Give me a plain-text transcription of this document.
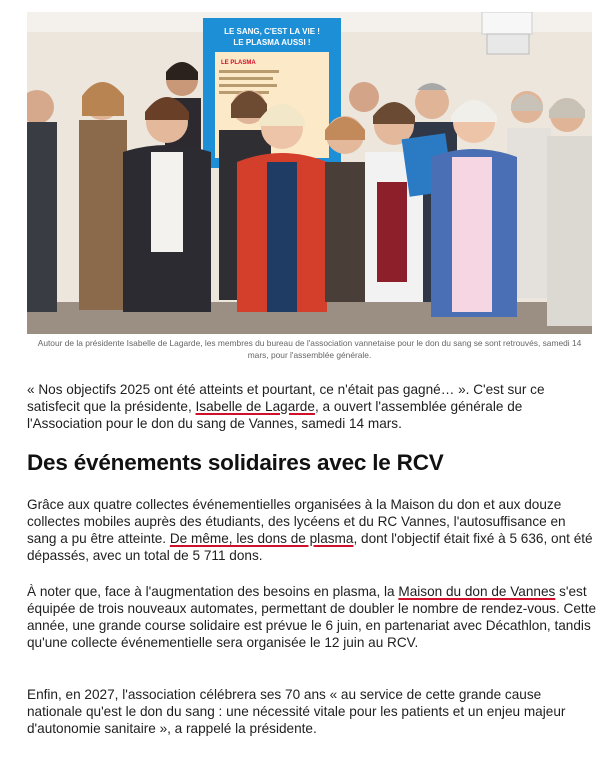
LE SANG, C'EST LA VIE !
LE PLASMA AUSSI !
LE PLASMA
Autour de la présidente Isabelle de Lagarde, les membres du bureau de l'association vannetaise pour le don du sang se sont retrouvés, samedi 14 mars, pour l'assemblée générale.
« Nos objectifs 2025 ont été atteints et pourtant, ce n'était pas gagné… ». C'est sur ce satisfecit que la présidente, Isabelle de Lagarde, a ouvert l'assemblée générale de l'Association pour le don du sang de Vannes, samedi 14 mars.
Des événements solidaires avec le RCV
Grâce aux quatre collectes événementielles organisées à la Maison du don et aux douze collectes mobiles auprès des étudiants, des lycéens et du RC Vannes, l'autosuffisance en sang a pu être atteinte. De même, les dons de plasma, dont l'objectif était fixé à 5 636, ont été dépassés, avec un total de 5 711 dons.
À noter que, face à l'augmentation des besoins en plasma, la Maison du don de Vannes s'est équipée de trois nouveaux automates, permettant de doubler le nombre de rendez-vous. Cette année, une grande course solidaire est prévue le 6 juin, en partenariat avec Décathlon, tandis qu'une collecte événementielle sera organisée le 12 juin au RCV.
Enfin, en 2027, l'association célébrera ses 70 ans « au service de cette grande cause nationale qu'est le don du sang : une nécessité vitale pour les patients et un enjeu majeur d'autonomie sanitaire », a rappelé la présidente.
